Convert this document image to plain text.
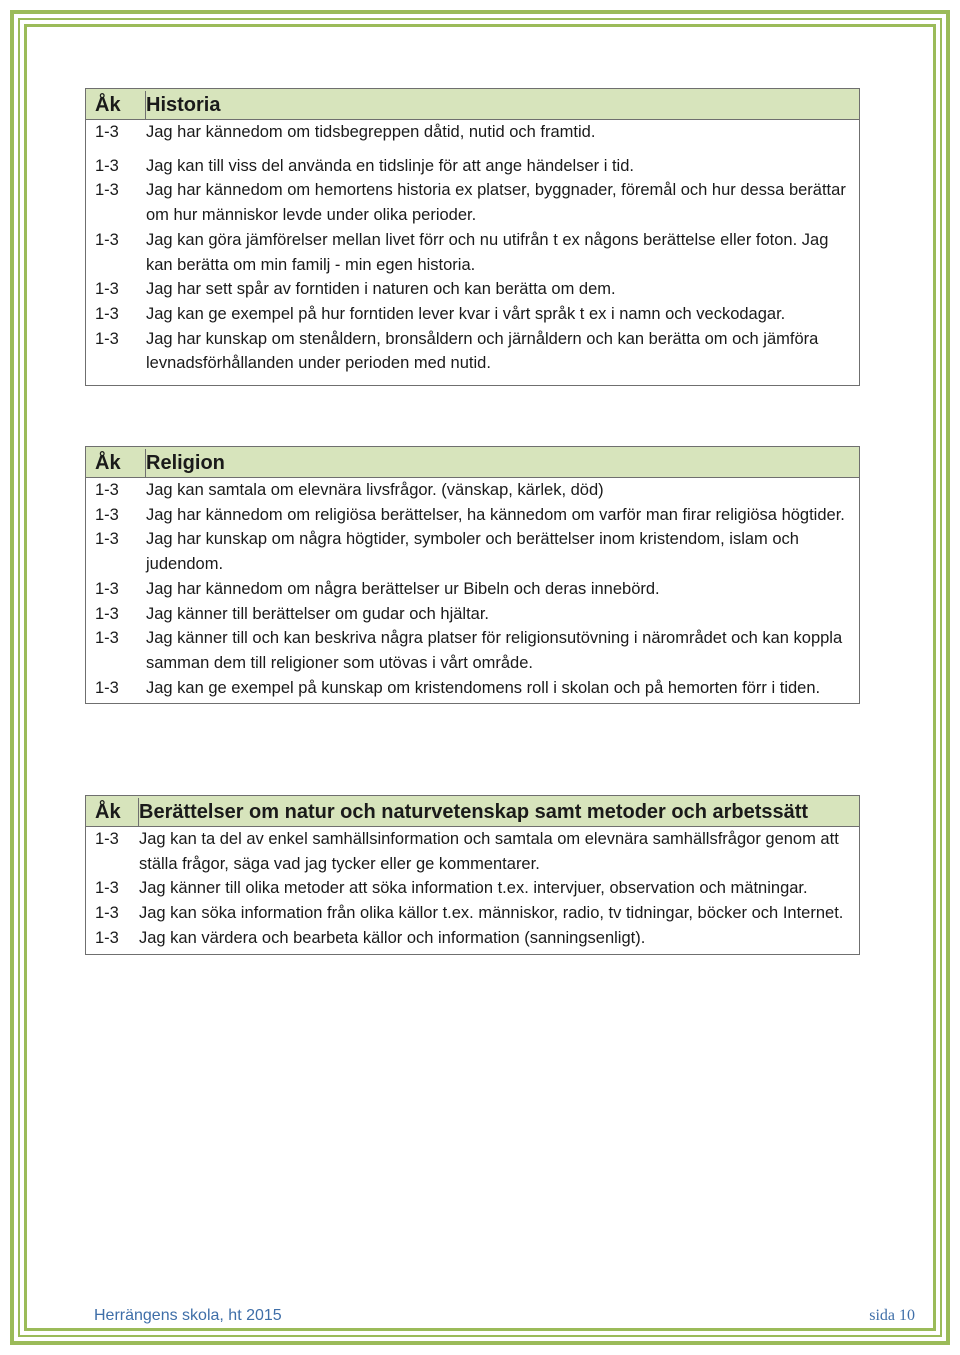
Åk	Historia
1-3	Jag har kännedom om tidsbegreppen dåtid, nutid och framtid.
1-3	Jag kan till viss del använda en tidslinje för att ange händelser i tid.
1-3	Jag har kännedom om hemortens historia ex platser, byggnader, föremål och hur dessa berättar om hur människor levde under olika perioder.
1-3	Jag kan göra jämförelser mellan livet förr och nu utifrån t ex någons berättelse eller foton. Jag kan berätta om min familj - min egen historia.
1-3	Jag har sett spår av forntiden i naturen och kan berätta om dem.
1-3	Jag kan ge exempel på hur forntiden lever kvar i vårt språk t ex i namn och veckodagar.
1-3	Jag har kunskap om stenåldern, bronsåldern och järnåldern och kan berätta om och jämföra levnadsförhållanden under perioden med nutid.
Åk	Religion
1-3	Jag kan samtala om elevnära livsfrågor. (vänskap, kärlek, död)
1-3	Jag har kännedom om religiösa berättelser, ha kännedom om varför man firar religiösa högtider.
1-3	Jag har kunskap om några högtider, symboler och berättelser inom kristendom, islam och judendom.
1-3	Jag har kännedom om några berättelser ur Bibeln och deras innebörd.
1-3	Jag känner till berättelser om gudar och hjältar.
1-3	Jag känner till och kan beskriva några platser för religionsutövning i närområdet och kan koppla samman dem till religioner som utövas i vårt område.
1-3	Jag kan ge exempel på kunskap om kristendomens roll i skolan och på hemorten förr i tiden.
Åk Berättelser om natur och naturvetenskap samt metoder och arbetssätt
1-3	Jag kan ta del av enkel samhällsinformation och samtala om elevnära samhällsfrågor genom att ställa frågor, säga vad jag tycker eller ge kommentarer.
1-3	Jag känner till olika metoder att söka information t.ex. intervjuer, observation och mätningar.
1-3	Jag kan söka information från olika källor t.ex. människor, radio, tv tidningar, böcker och Internet.
1-3	Jag kan värdera och bearbeta källor och information (sanningsenligt).
Herrängens skola, ht 2015	sida 10
